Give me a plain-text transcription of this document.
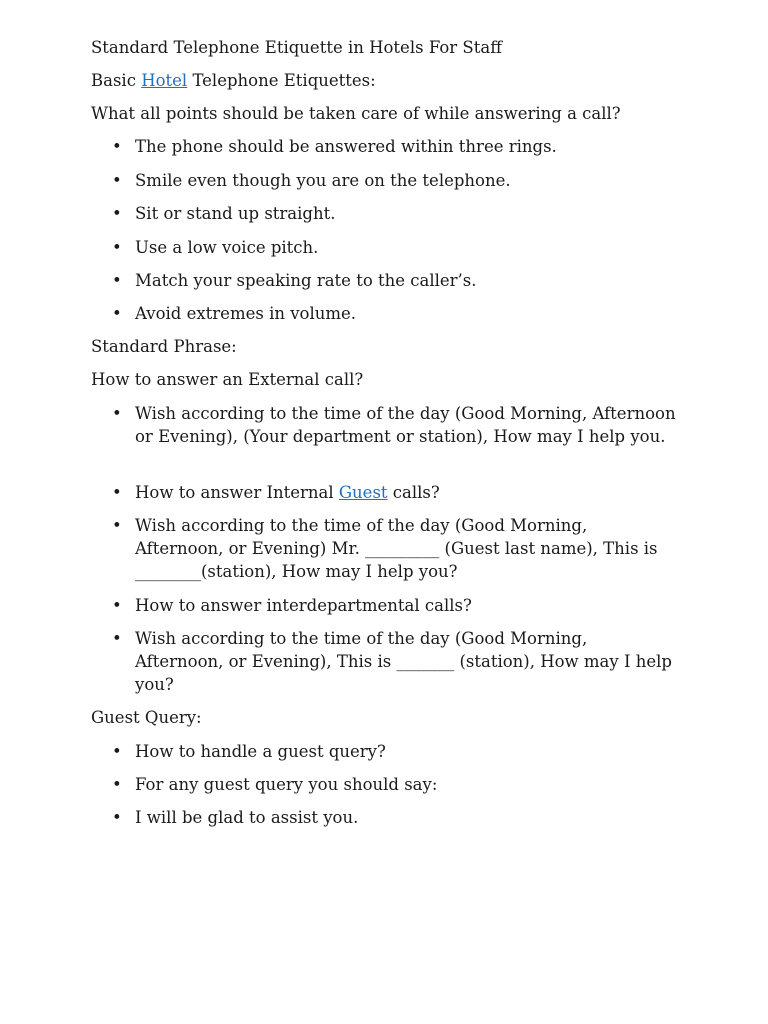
Standard Telephone Etiquette in Hotels For Staff

Basic Hotel Telephone Etiquettes:

What all points should be taken care of while answering a call?

• The phone should be answered within three rings.
• Smile even though you are on the telephone.
• Sit or stand up straight.
• Use a low voice pitch.
• Match your speaking rate to the caller’s.
• Avoid extremes in volume.

Standard Phrase:

How to answer an External call?

• Wish according to the time of the day (Good Morning, Afternoon or Evening), (Your department or station), How may I help you.
• How to answer Internal Guest calls?
• Wish according to the time of the day (Good Morning, Afternoon, or Evening) Mr. _________ (Guest last name), This is ________(station), How may I help you?
• How to answer interdepartmental calls?
• Wish according to the time of the day (Good Morning, Afternoon, or Evening), This is _______ (station), How may I help you?

Guest Query:

• How to handle a guest query?
• For any guest query you should say:
• I will be glad to assist you.
